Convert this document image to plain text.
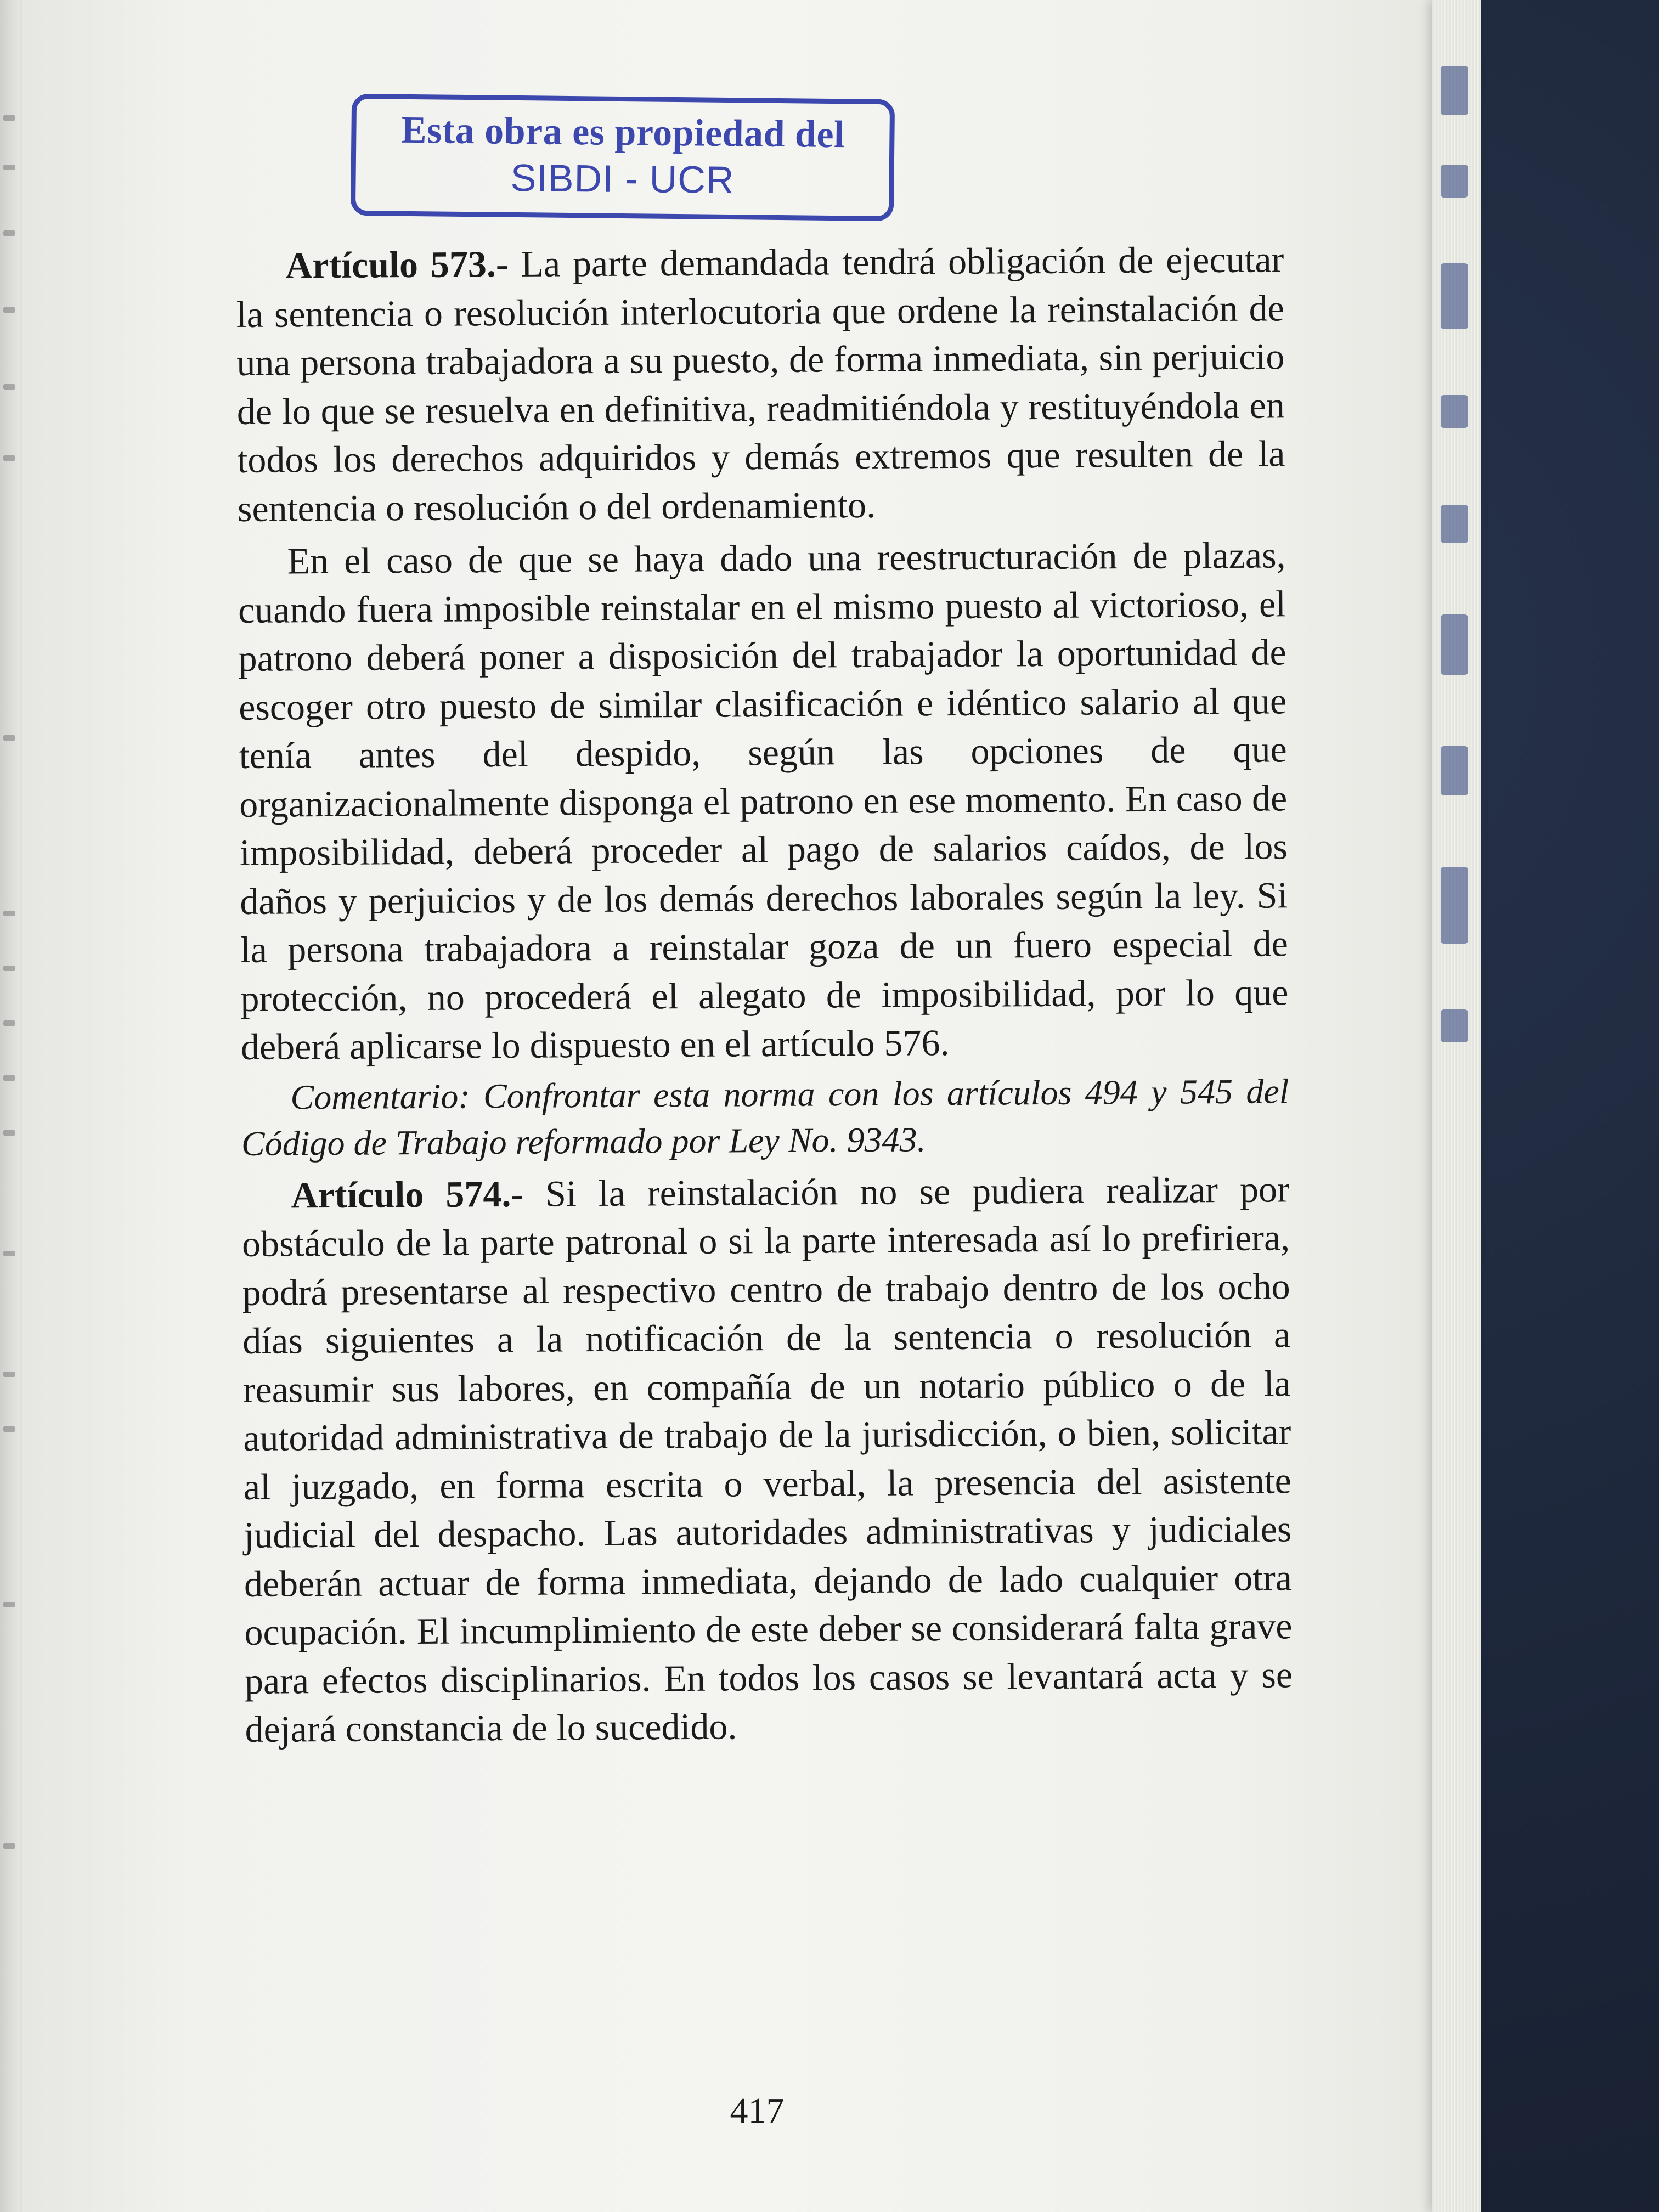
Esta obra es propiedad del
SIBDI - UCR

Artículo 573.- La parte demandada tendrá obligación de ejecutar la sentencia o resolución interlocutoria que ordene la reinstalación de una persona trabajadora a su puesto, de forma inmediata, sin perjuicio de lo que se resuelva en definitiva, readmitiéndola y restituyéndola en todos los derechos adquiridos y demás extremos que resulten de la sentencia o resolución o del ordenamiento.

En el caso de que se haya dado una reestructuración de plazas, cuando fuera imposible reinstalar en el mismo puesto al victorioso, el patrono deberá poner a disposición del trabajador la oportunidad de escoger otro puesto de similar clasificación e idéntico salario al que tenía antes del despido, según las opciones de que organizacionalmente disponga el patrono en ese momento. En caso de imposibilidad, deberá proceder al pago de salarios caídos, de los daños y perjuicios y de los demás derechos laborales según la ley. Si la persona trabajadora a reinstalar goza de un fuero especial de protección, no procederá el alegato de imposibilidad, por lo que deberá aplicarse lo dispuesto en el artículo 576.

Comentario: Confrontar esta norma con los artículos 494 y 545 del Código de Trabajo reformado por Ley No. 9343.

Artículo 574.- Si la reinstalación no se pudiera realizar por obstáculo de la parte patronal o si la parte interesada así lo prefiriera, podrá presentarse al respectivo centro de trabajo dentro de los ocho días siguientes a la notificación de la sentencia o resolución a reasumir sus labores, en compañía de un notario público o de la autoridad administrativa de trabajo de la jurisdicción, o bien, solicitar al juzgado, en forma escrita o verbal, la presencia del asistente judicial del despacho. Las autoridades administrativas y judiciales deberán actuar de forma inmediata, dejando de lado cualquier otra ocupación. El incumplimiento de este deber se considerará falta grave para efectos disciplinarios. En todos los casos se levantará acta y se dejará constancia de lo sucedido.

417
